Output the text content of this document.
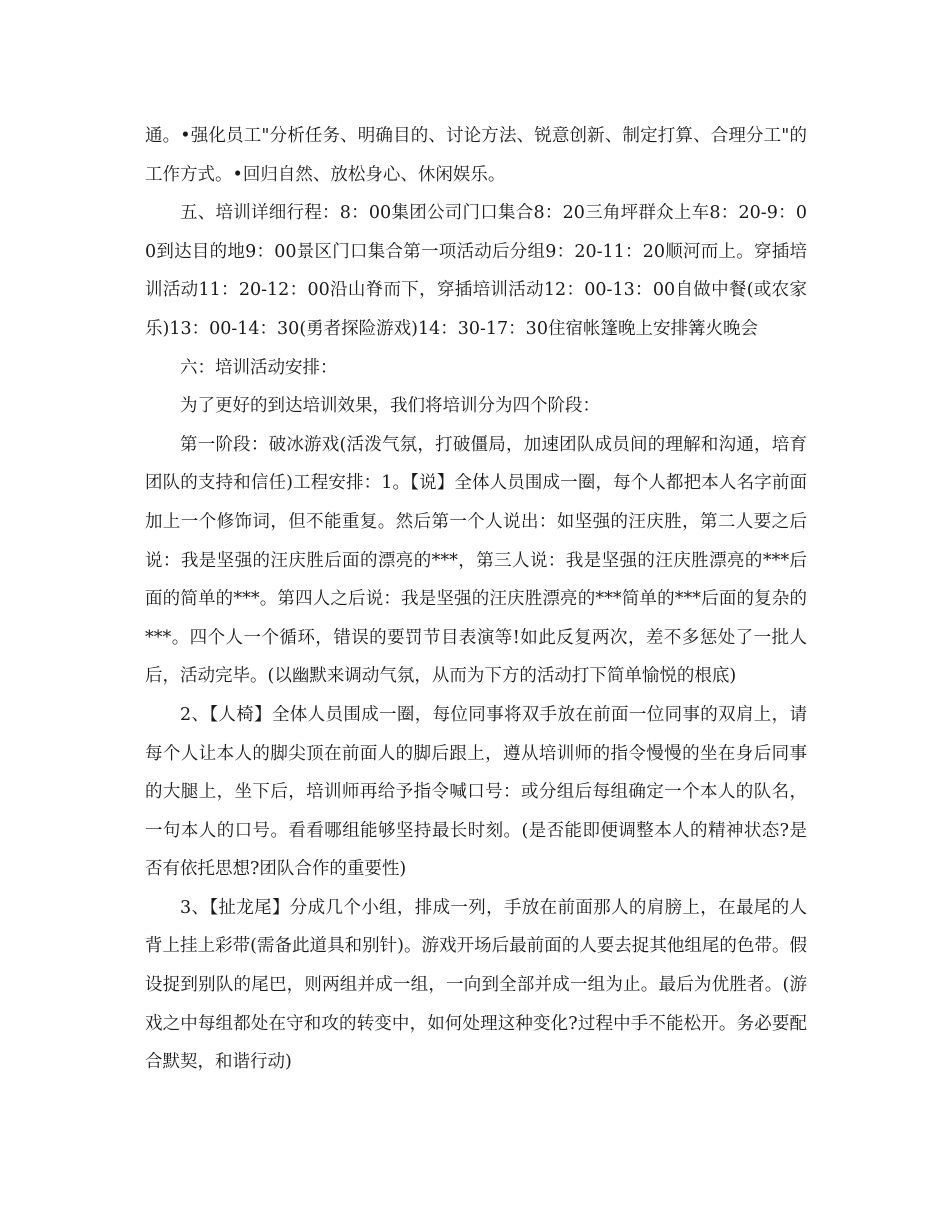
通。•强化员工"分析任务、明确目的、讨论方法、锐意创新、制定打算、合理分工"的工作方式。•回归自然、放松身心、休闲娱乐。

五、培训详细行程：8：00集团公司门口集合8：20三角坪群众上车8：20-9：00到达目的地9：00景区门口集合第一项活动后分组9：20-11：20顺河而上。穿插培训活动11：20-12：00沿山脊而下，穿插培训活动12：00-13：00自做中餐(或农家乐)13：00-14：30(勇者探险游戏)14：30-17：30住宿帐篷晚上安排篝火晚会

六：培训活动安排：

为了更好的到达培训效果，我们将培训分为四个阶段：

第一阶段：破冰游戏(活泼气氛，打破僵局，加速团队成员间的理解和沟通，培育团队的支持和信任)工程安排：1。【说】全体人员围成一圈，每个人都把本人名字前面加上一个修饰词，但不能重复。然后第一个人说出：如坚强的汪庆胜，第二人要之后说：我是坚强的汪庆胜后面的漂亮的***，第三人说：我是坚强的汪庆胜漂亮的***后面的简单的***。第四人之后说：我是坚强的汪庆胜漂亮的***简单的***后面的复杂的***。四个人一个循环，错误的要罚节目表演等!如此反复两次，差不多惩处了一批人后，活动完毕。(以幽默来调动气氛，从而为下方的活动打下简单愉悦的根底)

2、【人椅】全体人员围成一圈，每位同事将双手放在前面一位同事的双肩上，请每个人让本人的脚尖顶在前面人的脚后跟上，遵从培训师的指令慢慢的坐在身后同事的大腿上，坐下后，培训师再给予指令喊口号：或分组后每组确定一个本人的队名，一句本人的口号。看看哪组能够坚持最长时刻。(是否能即便调整本人的精神状态?是否有依托思想?团队合作的重要性)

3、【扯龙尾】分成几个小组，排成一列，手放在前面那人的肩膀上，在最尾的人背上挂上彩带(需备此道具和别针)。游戏开场后最前面的人要去捉其他组尾的色带。假设捉到别队的尾巴，则两组并成一组，一向到全部并成一组为止。最后为优胜者。(游戏之中每组都处在守和攻的转变中，如何处理这种变化?过程中手不能松开。务必要配合默契，和谐行动)
